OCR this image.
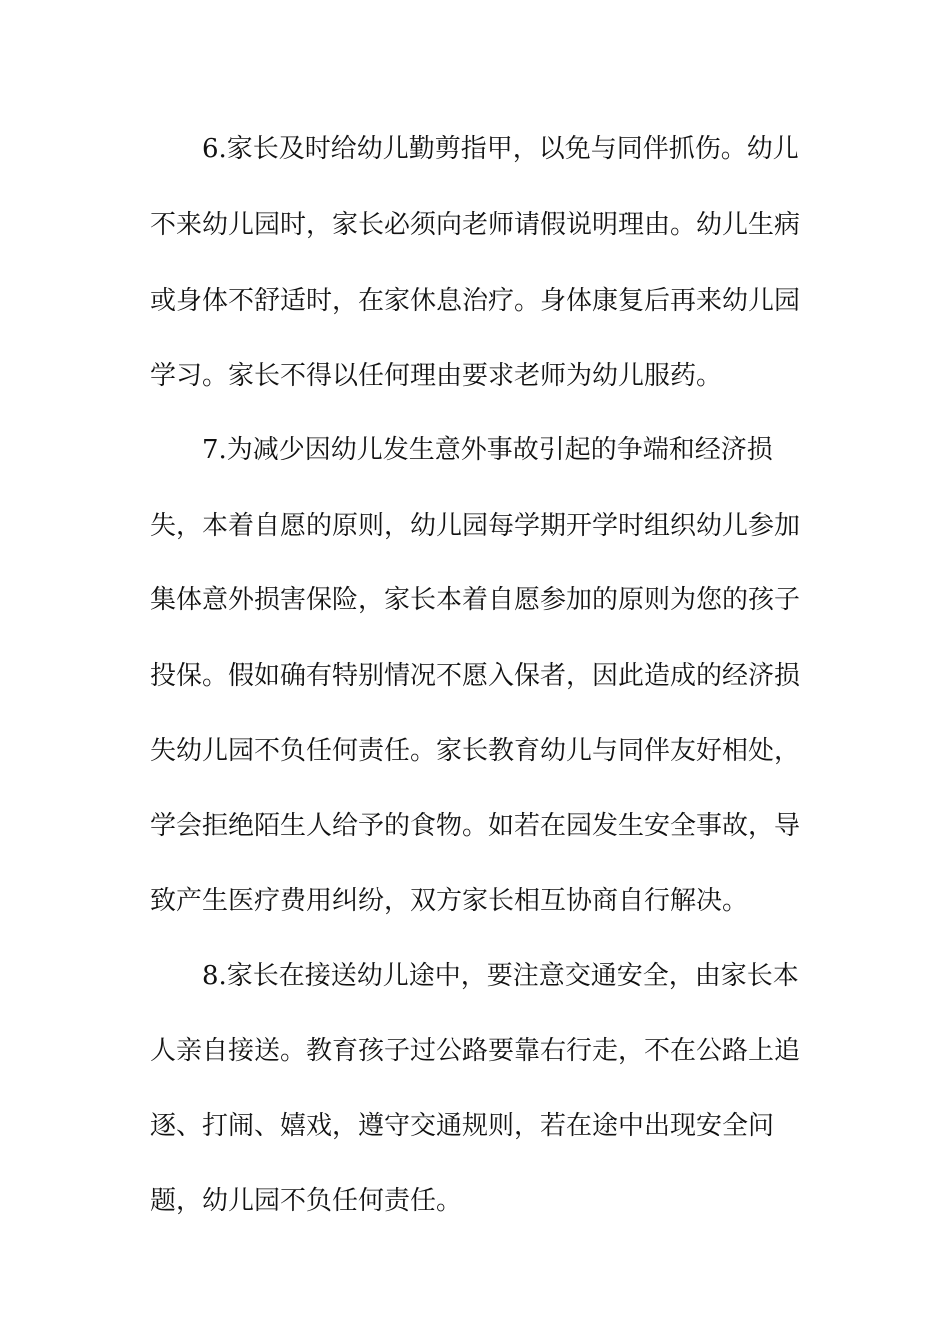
6.家长及时给幼儿勤剪指甲，以免与同伴抓伤。幼儿
不来幼儿园时，家长必须向老师请假说明理由。幼儿生病
或身体不舒适时，在家休息治疗。身体康复后再来幼儿园
学习。家长不得以任何理由要求老师为幼儿服药。
7.为减少因幼儿发生意外事故引起的争端和经济损
失，本着自愿的原则，幼儿园每学期开学时组织幼儿参加
集体意外损害保险，家长本着自愿参加的原则为您的孩子
投保。假如确有特别情况不愿入保者，因此造成的经济损
失幼儿园不负任何责任。家长教育幼儿与同伴友好相处，
学会拒绝陌生人给予的食物。如若在园发生安全事故，导
致产生医疗费用纠纷，双方家长相互协商自行解决。
8.家长在接送幼儿途中，要注意交通安全，由家长本
人亲自接送。教育孩子过公路要靠右行走，不在公路上追
逐、打闹、嬉戏，遵守交通规则，若在途中出现安全问
题，幼儿园不负任何责任。
